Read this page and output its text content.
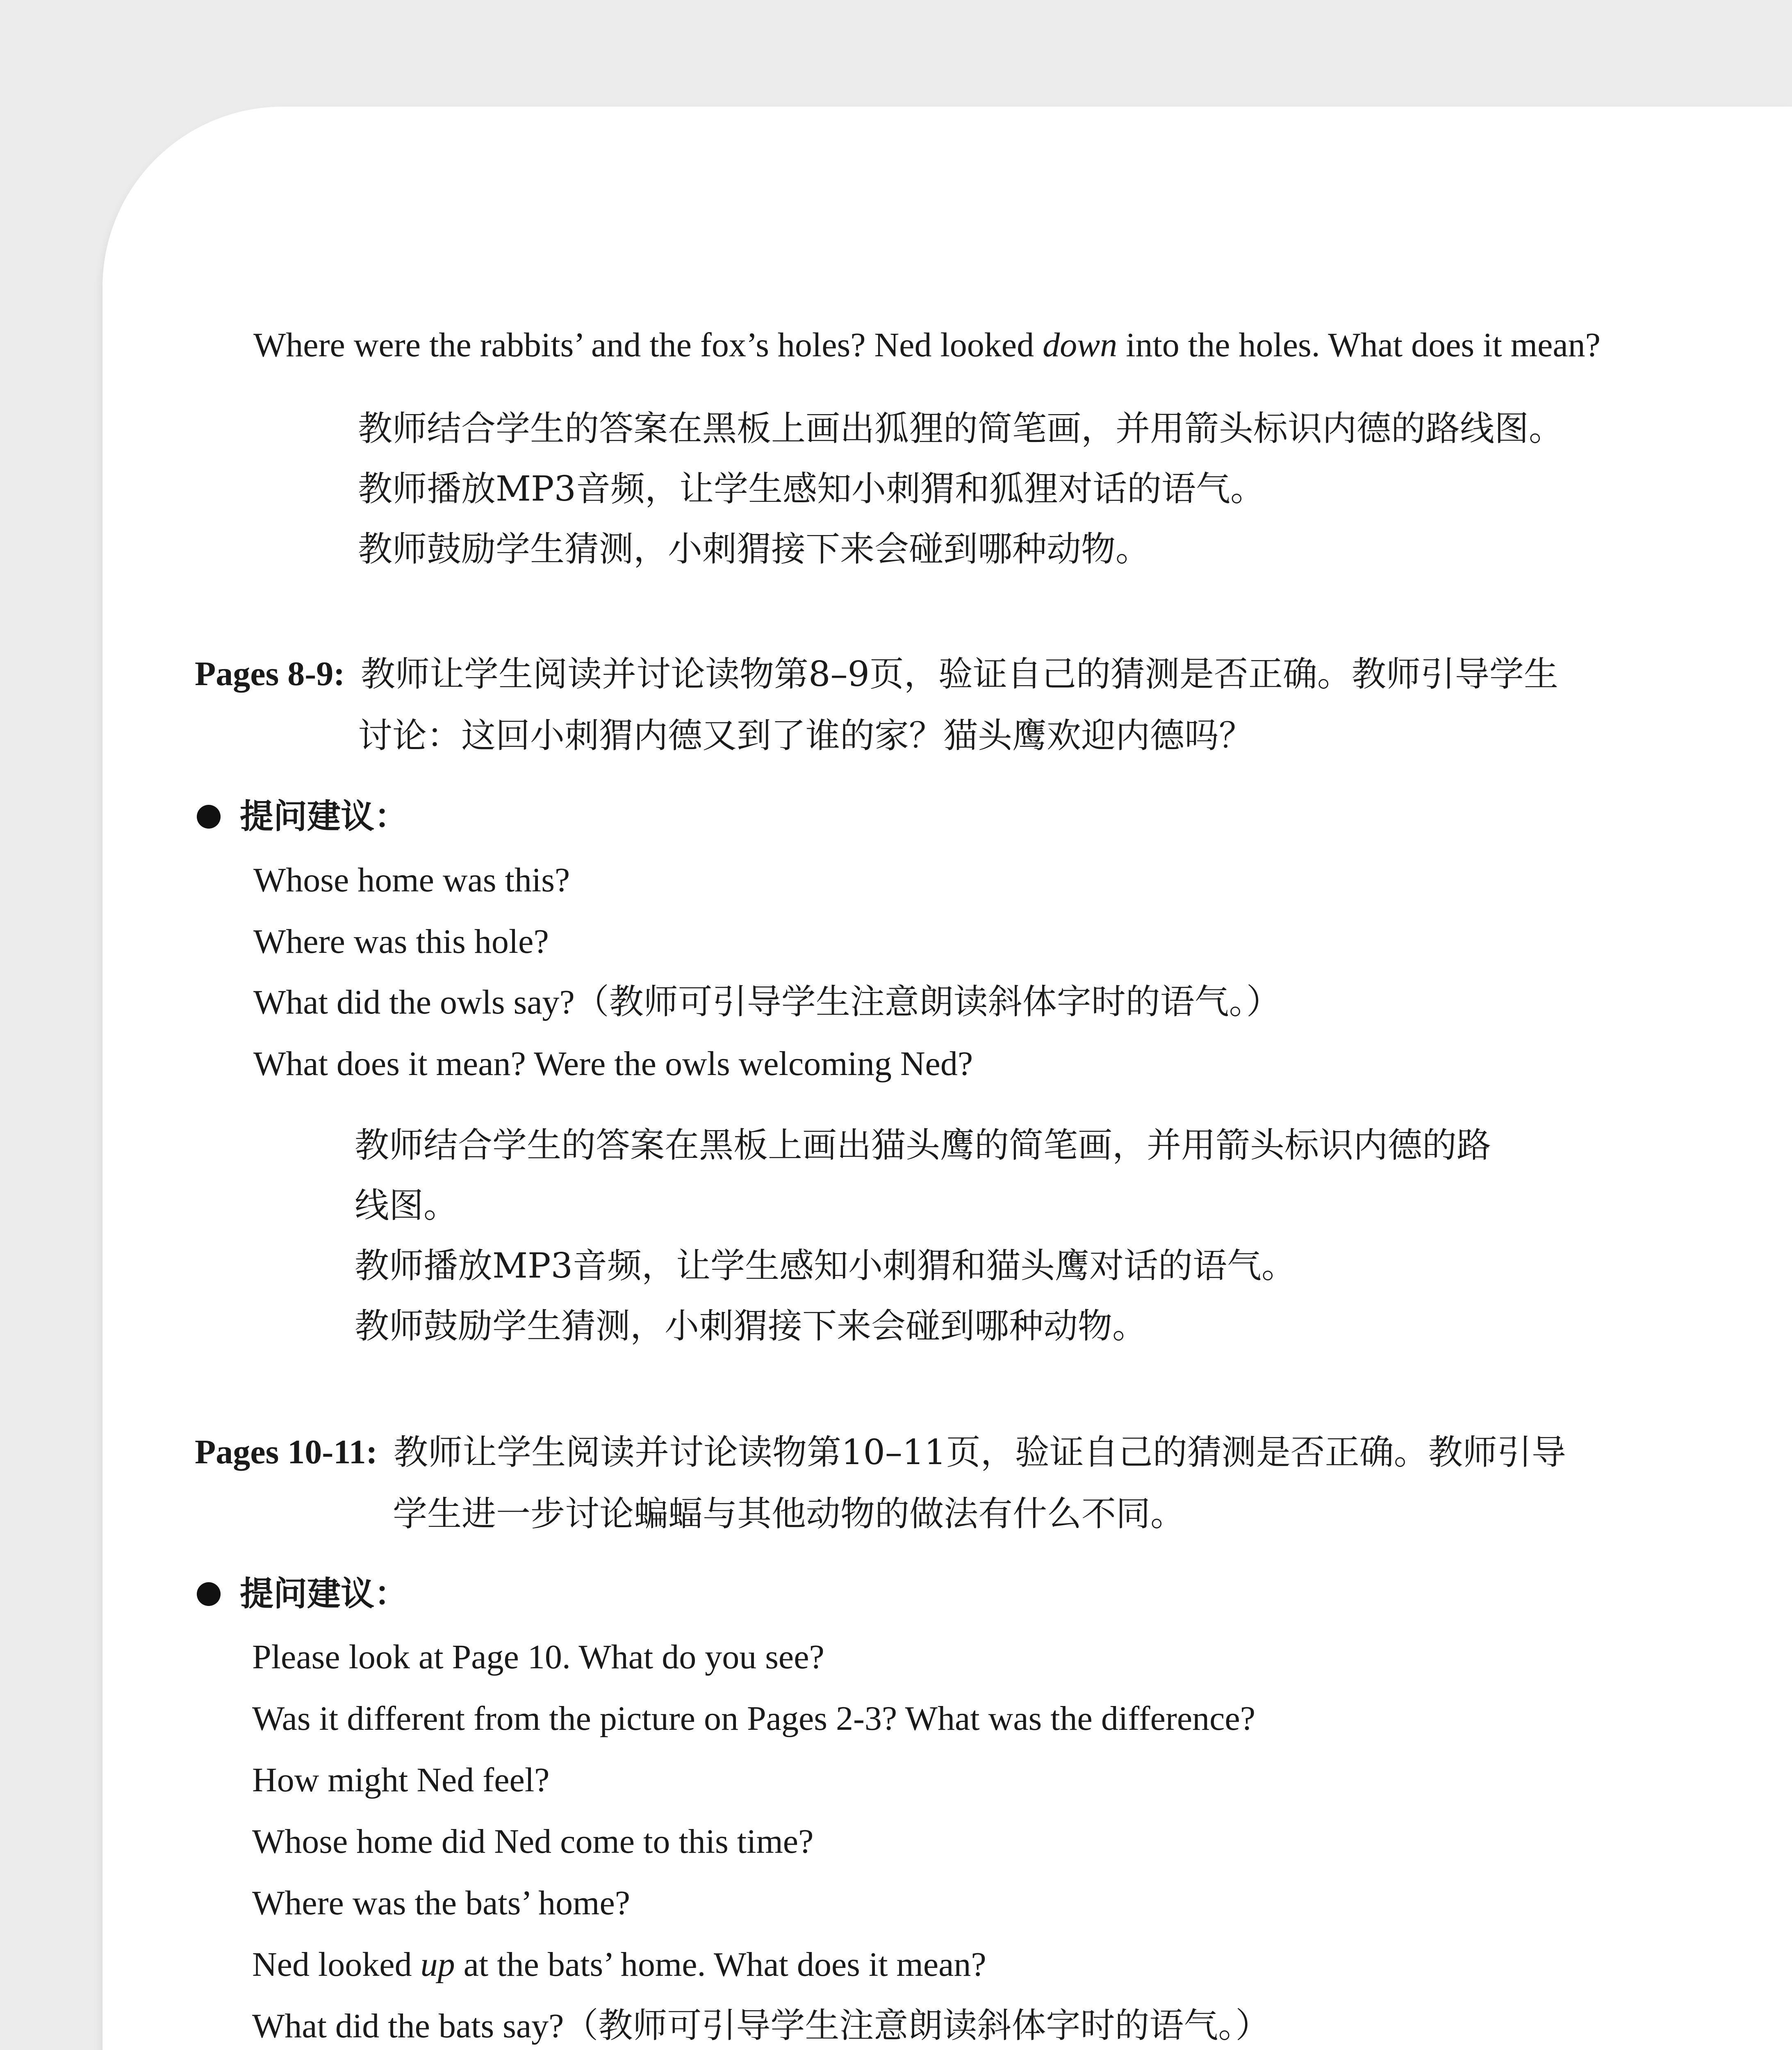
Where were the rabbits’ and the fox’s holes? Ned looked down into the holes. What does it mean?
教师结合学生的答案在黑板上画出狐狸的简笔画，并用箭头标识内德的路线图。
教师播放MP3音频，让学生感知小刺猬和狐狸对话的语气。
教师鼓励学生猜测，小刺猬接下来会碰到哪种动物。
Pages 8-9: 教师让学生阅读并讨论读物第8–9页，验证自己的猜测是否正确。教师引导学生
讨论：这回小刺猬内德又到了谁的家？猫头鹰欢迎内德吗？
提问建议：
Whose home was this?
Where was this hole?
What did the owls say?（教师可引导学生注意朗读斜体字时的语气。）
What does it mean? Were the owls welcoming Ned?
教师结合学生的答案在黑板上画出猫头鹰的简笔画，并用箭头标识内德的路
线图。
教师播放MP3音频，让学生感知小刺猬和猫头鹰对话的语气。
教师鼓励学生猜测，小刺猬接下来会碰到哪种动物。
Pages 10-11: 教师让学生阅读并讨论读物第10–11页，验证自己的猜测是否正确。教师引导
学生进一步讨论蝙蝠与其他动物的做法有什么不同。
提问建议：
Please look at Page 10. What do you see?
Was it different from the picture on Pages 2-3? What was the difference?
How might Ned feel?
Whose home did Ned come to this time?
Where was the bats’ home?
Ned looked up at the bats’ home. What does it mean?
What did the bats say?（教师可引导学生注意朗读斜体字时的语气。）
